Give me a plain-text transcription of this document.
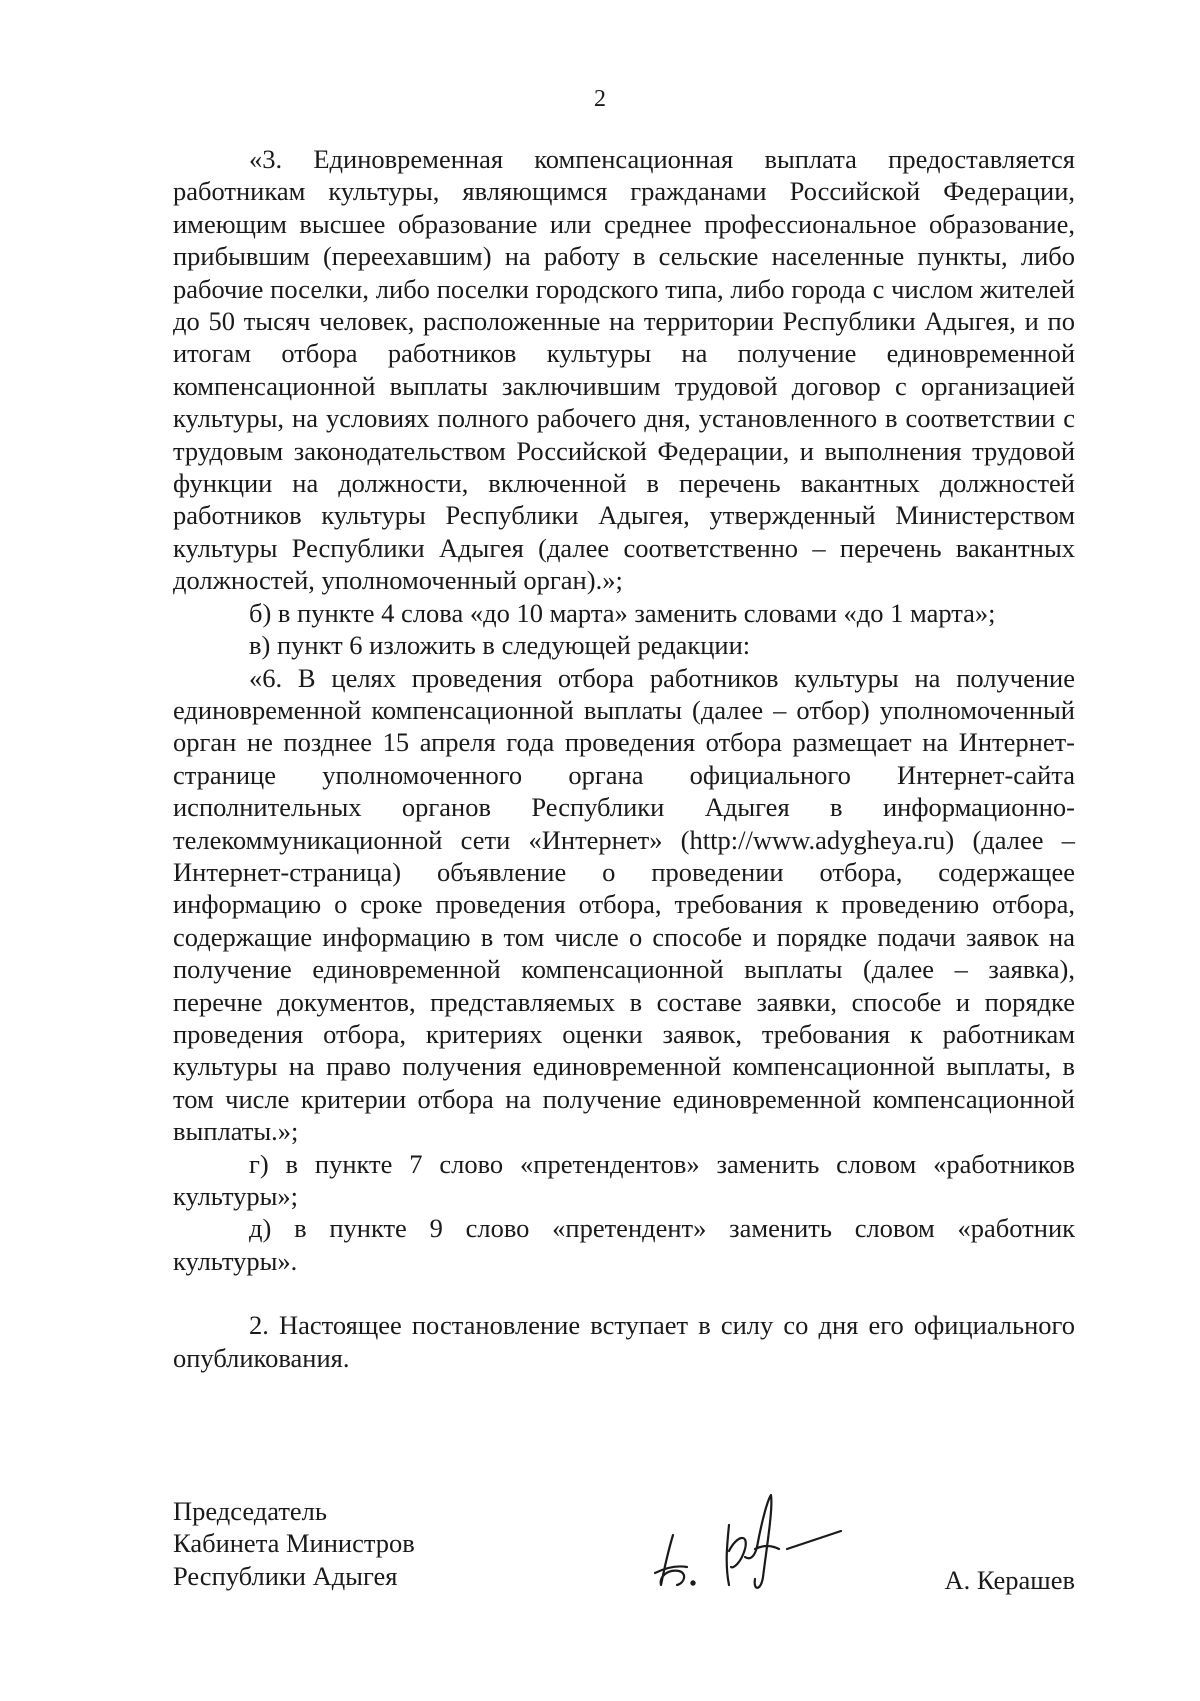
2

«3. Единовременная компенсационная выплата предоставляется работникам культуры, являющимся гражданами Российской Федерации, имеющим высшее образование или среднее профессиональное образование, прибывшим (переехавшим) на работу в сельские населенные пункты, либо рабочие поселки, либо поселки городского типа, либо города с числом жителей до 50 тысяч человек, расположенные на территории Республики Адыгея, и по итогам отбора работников культуры на получение единовременной компенсационной выплаты заключившим трудовой договор с организацией культуры, на условиях полного рабочего дня, установленного в соответствии с трудовым законодательством Российской Федерации, и выполнения трудовой функции на должности, включенной в перечень вакантных должностей работников культуры Республики Адыгея, утвержденный Министерством культуры Республики Адыгея (далее соответственно – перечень вакантных должностей, уполномоченный орган).»;

б) в пункте 4 слова «до 10 марта» заменить словами «до 1 марта»;

в) пункт 6 изложить в следующей редакции:

«6. В целях проведения отбора работников культуры на получение единовременной компенсационной выплаты (далее – отбор) уполномоченный орган не позднее 15 апреля года проведения отбора размещает на Интернет-странице уполномоченного органа официального Интернет-сайта исполнительных органов Республики Адыгея в информационно-телекоммуникационной сети «Интернет» (http://www.adygheya.ru) (далее – Интернет-страница) объявление о проведении отбора, содержащее информацию о сроке проведения отбора, требования к проведению отбора, содержащие информацию в том числе о способе и порядке подачи заявок на получение единовременной компенсационной выплаты (далее – заявка), перечне документов, представляемых в составе заявки, способе и порядке проведения отбора, критериях оценки заявок, требования к работникам культуры на право получения единовременной компенсационной выплаты, в том числе критерии отбора на получение единовременной компенсационной выплаты.»;

г) в пункте 7 слово «претендентов» заменить словом «работников культуры»;

д) в пункте 9 слово «претендент» заменить словом «работник культуры».

2. Настоящее постановление вступает в силу со дня его официального опубликования.

Председатель
Кабинета Министров
Республики Адыгея	А. Керашев
